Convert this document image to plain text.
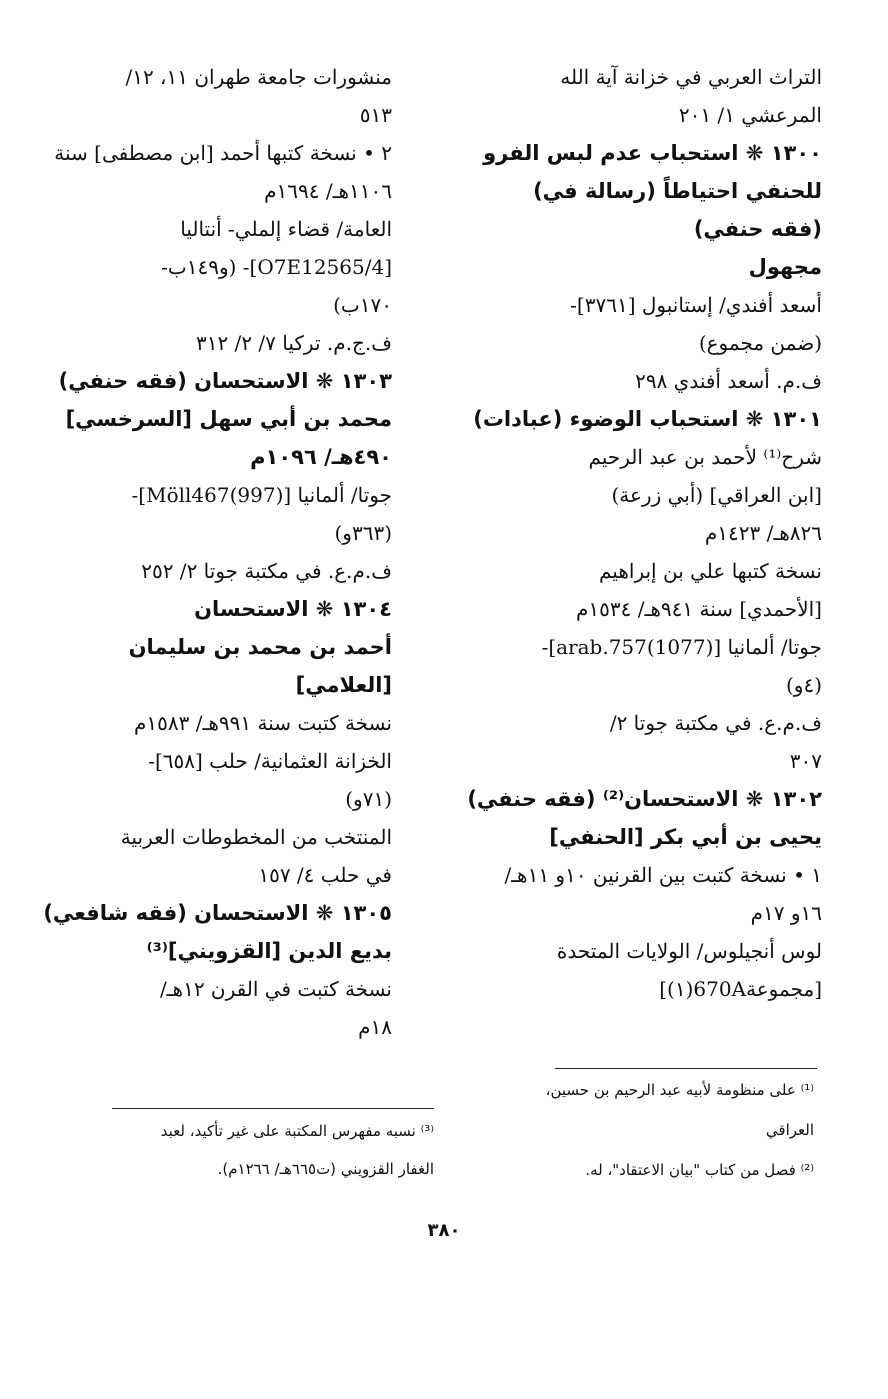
التراث العربي في خزانة آية الله
المرعشي ١/ ٢٠١
١٣٠٠ ❋ استحباب عدم لبس الفرو
للحنفي احتياطاً (رسالة في)
(فقه حنفي)
مجهول
أسعد أفندي/ إستانبول [٣٧٦١]-
(ضمن مجموع)
ف.م. أسعد أفندي ٢٩٨
١٣٠١ ❋ استحباب الوضوء (عبادات)
شرح⁽¹⁾ لأحمد بن عبد الرحيم
[ابن العراقي] (أبي زرعة)
٨٢٦هـ/ ١٤٢٣م
نسخة كتبها علي بن إبراهيم
[الأحمدي] سنة ٩٤١هـ/ ١٥٣٤م
جوتا/ ألمانيا [arab.757(1077)]-
(٤و)
ف.م.ع. في مكتبة جوتا ٢/
٣٠٧
١٣٠٢ ❋ الاستحسان⁽²⁾ (فقه حنفي)
يحيى بن أبي بكر [الحنفي]
١ • نسخة كتبت بين القرنين ١٠و ١١هـ/
١٦و ١٧م
لوس أنجيلوس/ الولايات المتحدة
[مجموعة670A(١)]
منشورات جامعة طهران ١١، ١٢/
٥١٣
٢ • نسخة كتبها أحمد [ابن مصطفى] سنة
١١٠٦هـ/ ١٦٩٤م
العامة/ قضاء إلملي- أنتاليا
[O7E12565/4]- (و١٤٩ب-
١٧٠ب)
ف.ج.م. تركيا ٧/ ٢/ ٣١٢
١٣٠٣ ❋ الاستحسان (فقه حنفي)
محمد بن أبي سهل [السرخسي]
٤٩٠هـ/ ١٠٩٦م
جوتا/ ألمانيا [Möll467(997)]-
(٣٦٣و)
ف.م.ع. في مكتبة جوتا ٢/ ٢٥٢
١٣٠٤ ❋ الاستحسان
أحمد بن محمد بن سليمان
[العلامي]
نسخة كتبت سنة ٩٩١هـ/ ١٥٨٣م
الخزانة العثمانية/ حلب [٦٥٨]-
(٧١و)
المنتخب من المخطوطات العربية
في حلب ٤/ ١٥٧
١٣٠٥ ❋ الاستحسان (فقه شافعي)
بديع الدين [القزويني]⁽³⁾
نسخة كتبت في القرن ١٢هـ/
١٨م
⁽¹⁾ على منظومة لأبيه عبد الرحيم بن حسين،
العراقي
⁽²⁾ فصل من كتاب "بيان الاعتقاد"، له.
⁽³⁾ نسبه مفهرس المكتبة على غير تأكيد، لعبد
الغفار القزويني (ت٦٦٥هـ/ ١٢٦٦م).
٣٨٠
